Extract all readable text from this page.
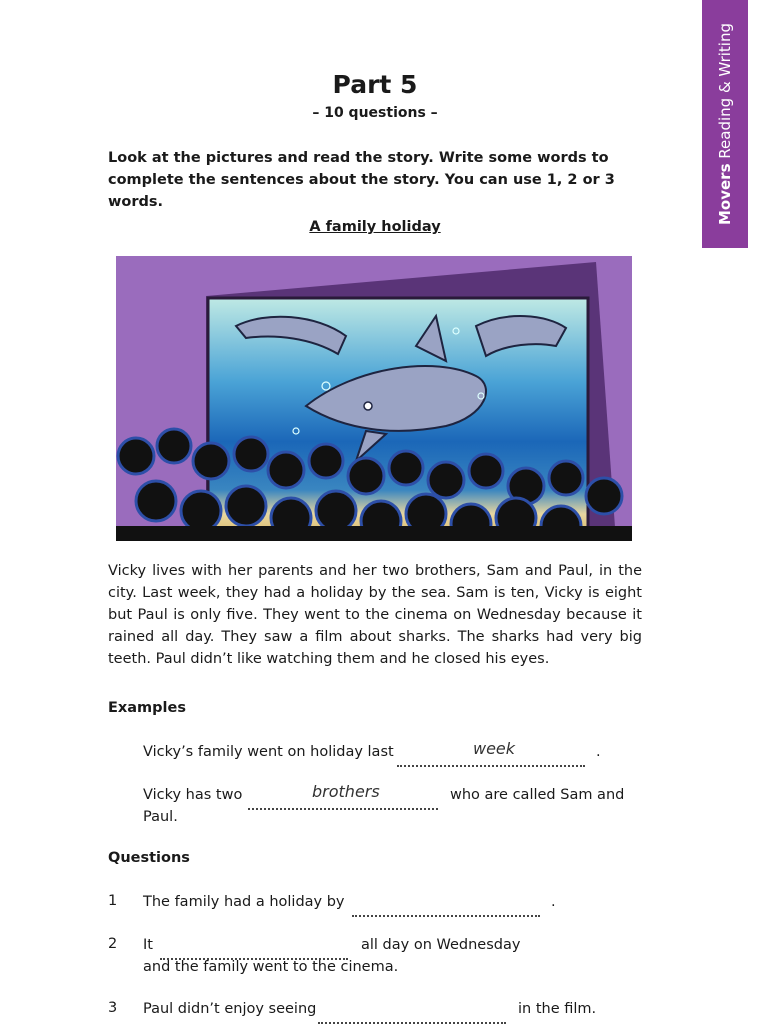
Movers Reading & Writing
Part 5
– 10 questions –
Look at the pictures and read the story. Write some words to complete the sentences about the story. You can use 1, 2 or 3 words.
A family holiday
Vicky lives with her parents and her two brothers, Sam and Paul, in the city. Last week, they had a holiday by the sea. Sam is ten, Vicky is eight but Paul is only five. They went to the cinema on Wednesday because it rained all day. They saw a film about sharks. The sharks had very big teeth. Paul didn’t like watching them and he closed his eyes.
Examples
Vicky’s family went on holiday last	week	.
Vicky has two	brothers	who are called Sam and
Paul.
Questions
1 The family had a holiday by	.
2 It	all day on Wednesday
and the family went to the cinema.
3 Paul didn’t enjoy seeing	in the film.
